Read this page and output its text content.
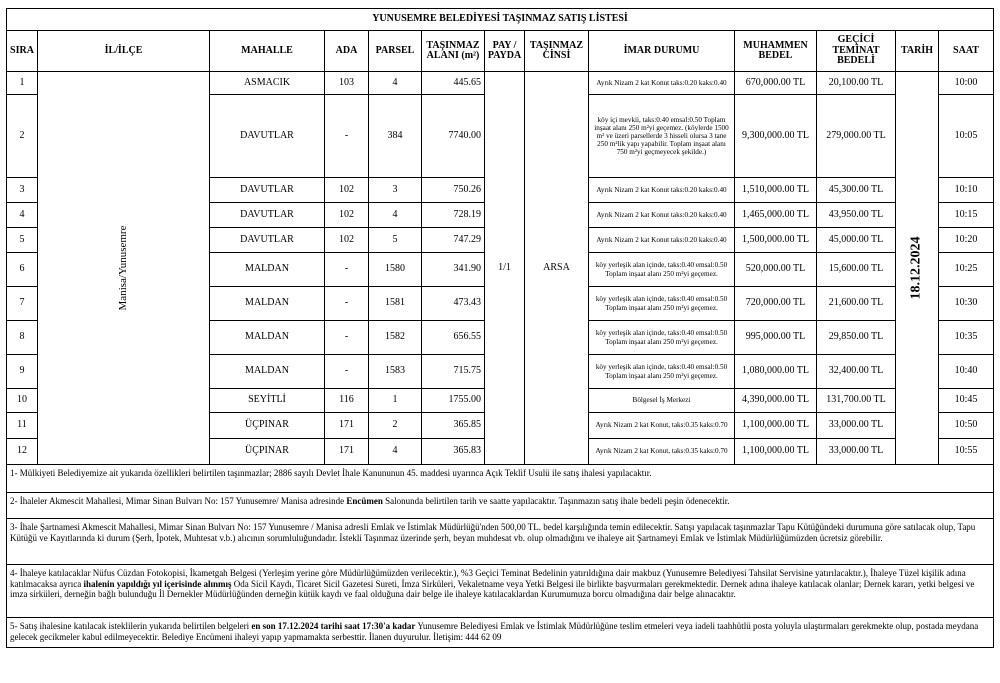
YUNUSEMRE BELEDİYESİ TAŞINMAZ SATIŞ LİSTESİ												
SIRA	İL/İLÇE	MAHALLE	ADA	PARSEL	TAŞINMAZ ALANI (m²)	PAY / PAYDA	TAŞINMAZ CİNSİ	İMAR DURUMU	MUHAMMEN BEDEL	GEÇİCİ TEMİNAT BEDELİ	TARİH	SAAT
1	Manisa/Yunusemre	ASMACIK	103	4	445.65	1/1	ARSA	Ayrık Nizam 2 kat Konut taks:0.20 kaks:0.40	670,000.00 TL	20,100.00 TL	18.12.2024	10:00
2		DAVUTLAR	-	384	7740.00			köy içi mevkii, taks:0.40 emsal:0.50 Toplam inşaat alanı 250 m²yi geçemez. (köylerde 1500 m² ve üzeri parsellerde 3 hisseli olursa 3 tane 250 m²lik yapı yapabilir. Toplam inşaat alanı 750 m²yi geçmeyecek şekilde.)	9,300,000.00 TL	279,000.00 TL		10:05
3		DAVUTLAR	102	3	750.26			Ayrık Nizam 2 kat Konut taks:0.20 kaks:0.40	1,510,000.00 TL	45,300.00 TL		10:10
4		DAVUTLAR	102	4	728.19			Ayrık Nizam 2 kat Konut taks:0.20 kaks:0.40	1,465,000.00 TL	43,950.00 TL		10:15
5		DAVUTLAR	102	5	747.29			Ayrık Nizam 2 kat Konut taks:0.20 kaks:0.40	1,500,000.00 TL	45,000.00 TL		10:20
6		MALDAN	-	1580	341.90			köy yerleşik alan içinde, taks:0.40 emsal:0.50 Toplam inşaat alanı 250 m²yi geçemez.	520,000.00 TL	15,600.00 TL		10:25
7		MALDAN	-	1581	473.43			köy yerleşik alan içinde, taks:0.40 emsal:0.50 Toplam inşaat alanı 250 m²yi geçemez.	720,000.00 TL	21,600.00 TL		10:30
8		MALDAN	-	1582	656.55			köy yerleşik alan içinde, taks:0.40 emsal:0.50 Toplam inşaat alanı 250 m²yi geçemez.	995,000.00 TL	29,850.00 TL		10:35
9		MALDAN	-	1583	715.75			köy yerleşik alan içinde, taks:0.40 emsal:0.50 Toplam inşaat alanı 250 m²yi geçemez.	1,080,000.00 TL	32,400.00 TL		10:40
10		SEYİTLİ	116	1	1755.00			Bölgesel İş Merkezi	4,390,000.00 TL	131,700.00 TL		10:45
11		ÜÇPINAR	171	2	365.85			Ayrık Nizam 2 kat Konut, taks:0.35 kaks:0.70	1,100,000.00 TL	33,000.00 TL		10:50
12		ÜÇPINAR	171	4	365.83			Ayrık Nizam 2 kat Konut, taks:0.35 kaks:0.70	1,100,000.00 TL	33,000.00 TL		10:55
1- Mülkiyeti Belediyemize ait yukarıda özellikleri belirtilen taşınmazlar; 2886 sayılı Devlet İhale Kanununun 45. maddesi uyarınca Açık Teklif Usulü ile satış ihalesi yapılacaktır.												
2- İhaleler Akmescit Mahallesi, Mimar Sinan Bulvarı No: 157 Yunusemre/ Manisa adresinde Encümen Salonunda belirtilen tarih ve saatte yapılacaktır. Taşınmazın satış ihale bedeli peşin ödenecektir.												
3- İhale Şartnamesi Akmescit Mahallesi, Mimar Sinan Bulvarı No: 157 Yunusemre / Manisa adresli Emlak ve İstimlak Müdürlüğü'nden 500,00 TL. bedel karşılığında temin edilecektir. Satışı yapılacak taşınmazlar Tapu Kütüğündeki durumuna göre satılacak olup, Tapu Kütüğü ve Kayıtlarında ki durum (Şerh, İpotek, Muhtesat v.b.) alıcının sorumluluğundadır. İstekli Taşınmaz üzerinde şerh, beyan muhdesat vb. olup olmadığını ve ihaleye ait Şartnameyi Emlak ve İstimlak Müdürlüğümüzden ücretsiz görebilir.												
4- İhaleye katılacaklar Nüfus Cüzdan Fotokopisi, İkametgah Belgesi (Yerleşim yerine göre Müdürlüğümüzden verilecektir.), %3 Geçici Teminat Bedelinin yatırıldığına dair makbuz (Yunusemre Belediyesi Tahsilat Servisine yatırılacaktır.), İhaleye Tüzel kişilik adına katılmacaksa ayrıca ihalenin yapıldığı yıl içerisinde alınmış Oda Sicil Kaydı, Ticaret Sicil Gazetesi Sureti, İmza Sirküleri, Vekaletname veya Yetki Belgesi ile birlikte başvurmaları gerekmektedir. Dernek adına ihaleye katılacak olanlar; Dernek kararı, yetki belgesi ve imza sirküleri, derneğin bağlı bulunduğu İl Dernekler Müdürlüğünden derneğin kütük kaydı ve faal olduğuna dair belge ile ihaleye katılacaklardan Kurumumuza borcu olmadığına dair belge alınacaktır.												
5- Satış ihalesine katılacak isteklilerin yukarıda belirtilen belgeleri en son 17.12.2024 tarihi saat 17:30'a kadar Yunusemre Belediyesi Emlak ve İstimlak Müdürlüğüne teslim etmeleri veya iadeli taahhütlü posta yoluyla ulaştırmaları gerekmekte olup, postada meydana gelecek gecikmeler kabul edilmeyecektir. Belediye Encümeni ihaleyi yapıp yapmamakta serbesttir. İlanen duyurulur. İletişim: 444 62 09												
